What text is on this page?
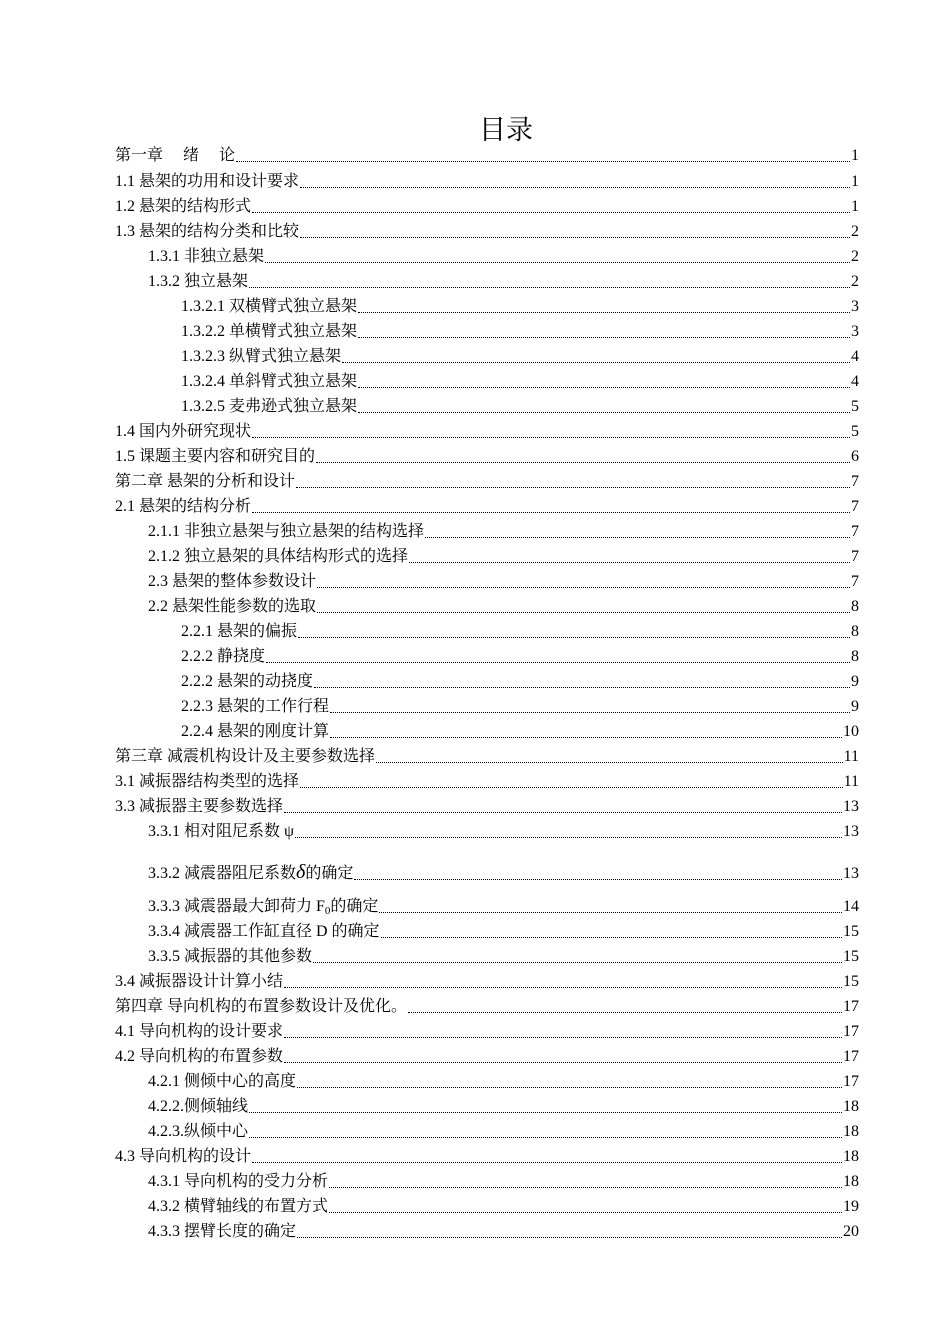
目录
第一章　 绪　 论	1
1.1 悬架的功用和设计要求	1
1.2 悬架的结构形式	1
1.3 悬架的结构分类和比较	2
1.3.1 非独立悬架	2
1.3.2 独立悬架	2
1.3.2.1 双横臂式独立悬架	3
1.3.2.2 单横臂式独立悬架	3
1.3.2.3 纵臂式独立悬架	4
1.3.2.4 单斜臂式独立悬架	4
1.3.2.5 麦弗逊式独立悬架	5
1.4 国内外研究现状	5
1.5 课题主要内容和研究目的	6
第二章 悬架的分析和设计	7
2.1 悬架的结构分析	7
2.1.1 非独立悬架与独立悬架的结构选择	7
2.1.2 独立悬架的具体结构形式的选择	7
2.3 悬架的整体参数设计	7
2.2 悬架性能参数的选取	8
2.2.1 悬架的偏振	8
2.2.2 静挠度	8
2.2.2 悬架的动挠度	9
2.2.3 悬架的工作行程	9
2.2.4 悬架的刚度计算	10
第三章 减震机构设计及主要参数选择	11
3.1 减振器结构类型的选择	11
3.3 减振器主要参数选择	13
3.3.1 相对阻尼系数 ψ	13
3.3.2 减震器阻尼系数δ的确定	13
3.3.3 减震器最大卸荷力 F0的确定	14
3.3.4 减震器工作缸直径 D 的确定	15
3.3.5 减振器的其他参数	15
3.4 减振器设计计算小结	15
第四章 导向机构的布置参数设计及优化。	17
4.1 导向机构的设计要求	17
4.2 导向机构的布置参数	17
4.2.1 侧倾中心的高度	17
4.2.2.侧倾轴线	18
4.2.3.纵倾中心	18
4.3 导向机构的设计	18
4.3.1 导向机构的受力分析	18
4.3.2 横臂轴线的布置方式	19
4.3.3 摆臂长度的确定	20
